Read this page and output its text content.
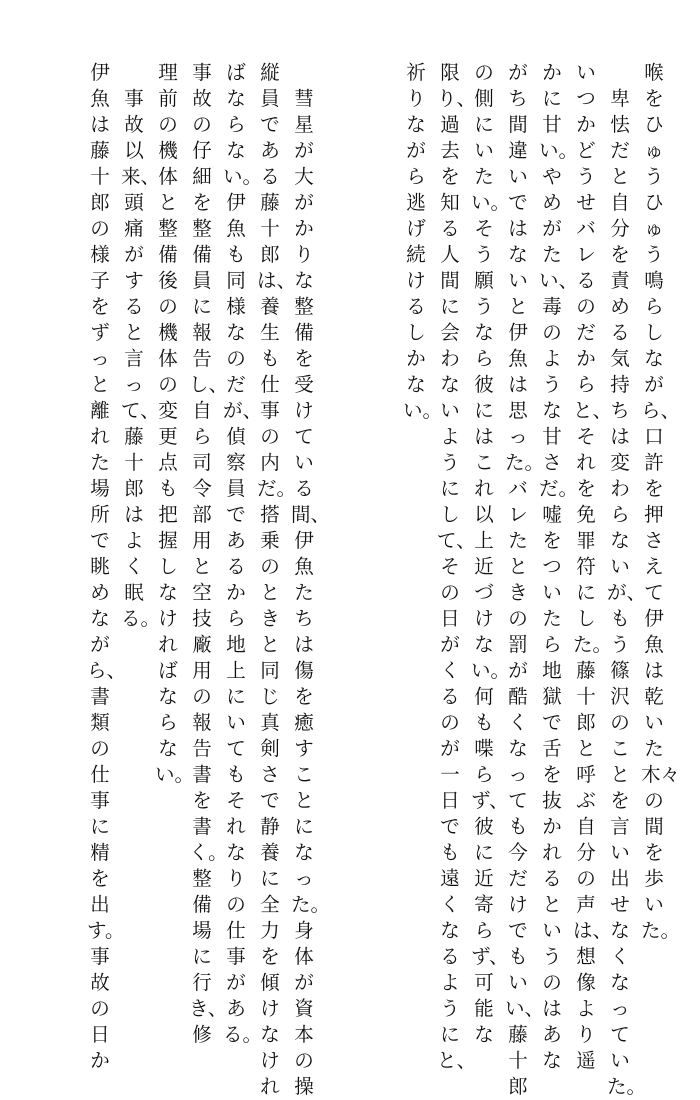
喉をひゅうひゅう鳴らしながら、口許を押さえて伊魚は乾いた木々の間を歩いた。
　卑怯だと自分を責める気持ちは変わらないが、もう篠沢のことを言い出せなくなっていた。
いつかどうせバレるのだからと、それを免罪符にした。藤十郎と呼ぶ自分の声は、想像より遥
かに甘い。やめがたい、毒のような甘さだ。嘘をついたら地獄で舌を抜かれるというのはあな
がち間違いではないと伊魚は思った。バレたときの罰が酷くなっても今だけでもいい、藤十郎
の側にいたい。そう願うなら彼にはこれ以上近づけない。何も喋らず、彼に近寄らず、可能な
限り、過去を知る人間に会わないようにして、その日がくるのが一日でも遠くなるようにと、
祈りながら逃げ続けるしかない。
　彗星が大がかりな整備を受けている間、伊魚たちは傷を癒すことになった。身体が資本の操
縦員である藤十郎は、養生も仕事の内だ。搭乗のときと同じ真剣さで静養に全力を傾けなけれ
ばならない。伊魚も同様なのだが、偵察員であるから地上にいてもそれなりの仕事がある。
事故の仔細を整備員に報告し、自ら司令部用と空技廠用の報告書を書く。整備場に行き、修
理前の機体と整備後の機体の変更点も把握しなければならない。
　事故以来、頭痛がすると言って、藤十郎はよく眠る。
伊魚は藤十郎の様子をずっと離れた場所で眺めながら、書類の仕事に精を出す。事故の日か
